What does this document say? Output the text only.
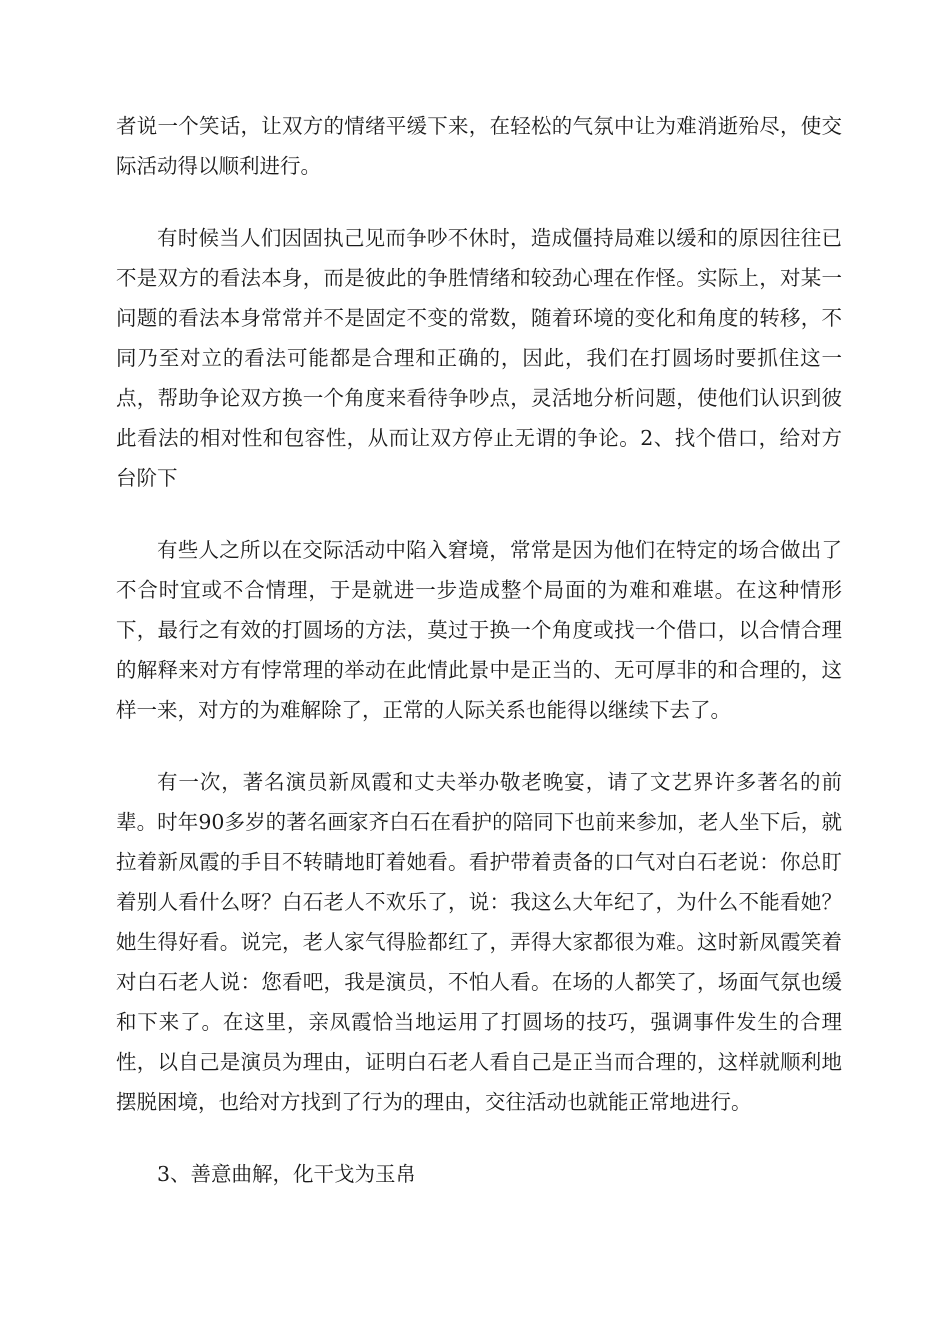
者说一个笑话，让双方的情绪平缓下来，在轻松的气氛中让为难消逝殆尽，使交际活动得以顺利进行。

有时候当人们因固执己见而争吵不休时，造成僵持局难以缓和的原因往往已不是双方的看法本身，而是彼此的争胜情绪和较劲心理在作怪。实际上，对某一问题的看法本身常常并不是固定不变的常数，随着环境的变化和角度的转移，不同乃至对立的看法可能都是合理和正确的，因此，我们在打圆场时要抓住这一点，帮助争论双方换一个角度来看待争吵点，灵活地分析问题，使他们认识到彼此看法的相对性和包容性，从而让双方停止无谓的争论。2、找个借口，给对方台阶下

有些人之所以在交际活动中陷入窘境，常常是因为他们在特定的场合做出了不合时宜或不合情理，于是就进一步造成整个局面的为难和难堪。在这种情形下，最行之有效的打圆场的方法，莫过于换一个角度或找一个借口，以合情合理的解释来对方有悖常理的举动在此情此景中是正当的、无可厚非的和合理的，这样一来，对方的为难解除了，正常的人际关系也能得以继续下去了。

有一次，著名演员新凤霞和丈夫举办敬老晚宴，请了文艺界许多著名的前辈。时年90多岁的著名画家齐白石在看护的陪同下也前来参加，老人坐下后，就拉着新凤霞的手目不转睛地盯着她看。看护带着责备的口气对白石老说：你总盯着别人看什么呀？白石老人不欢乐了，说：我这么大年纪了，为什么不能看她？她生得好看。说完，老人家气得脸都红了，弄得大家都很为难。这时新凤霞笑着对白石老人说：您看吧，我是演员，不怕人看。在场的人都笑了，场面气氛也缓和下来了。在这里，亲凤霞恰当地运用了打圆场的技巧，强调事件发生的合理性，以自己是演员为理由，证明白石老人看自己是正当而合理的，这样就顺利地摆脱困境，也给对方找到了行为的理由，交往活动也就能正常地进行。

3、善意曲解，化干戈为玉帛
